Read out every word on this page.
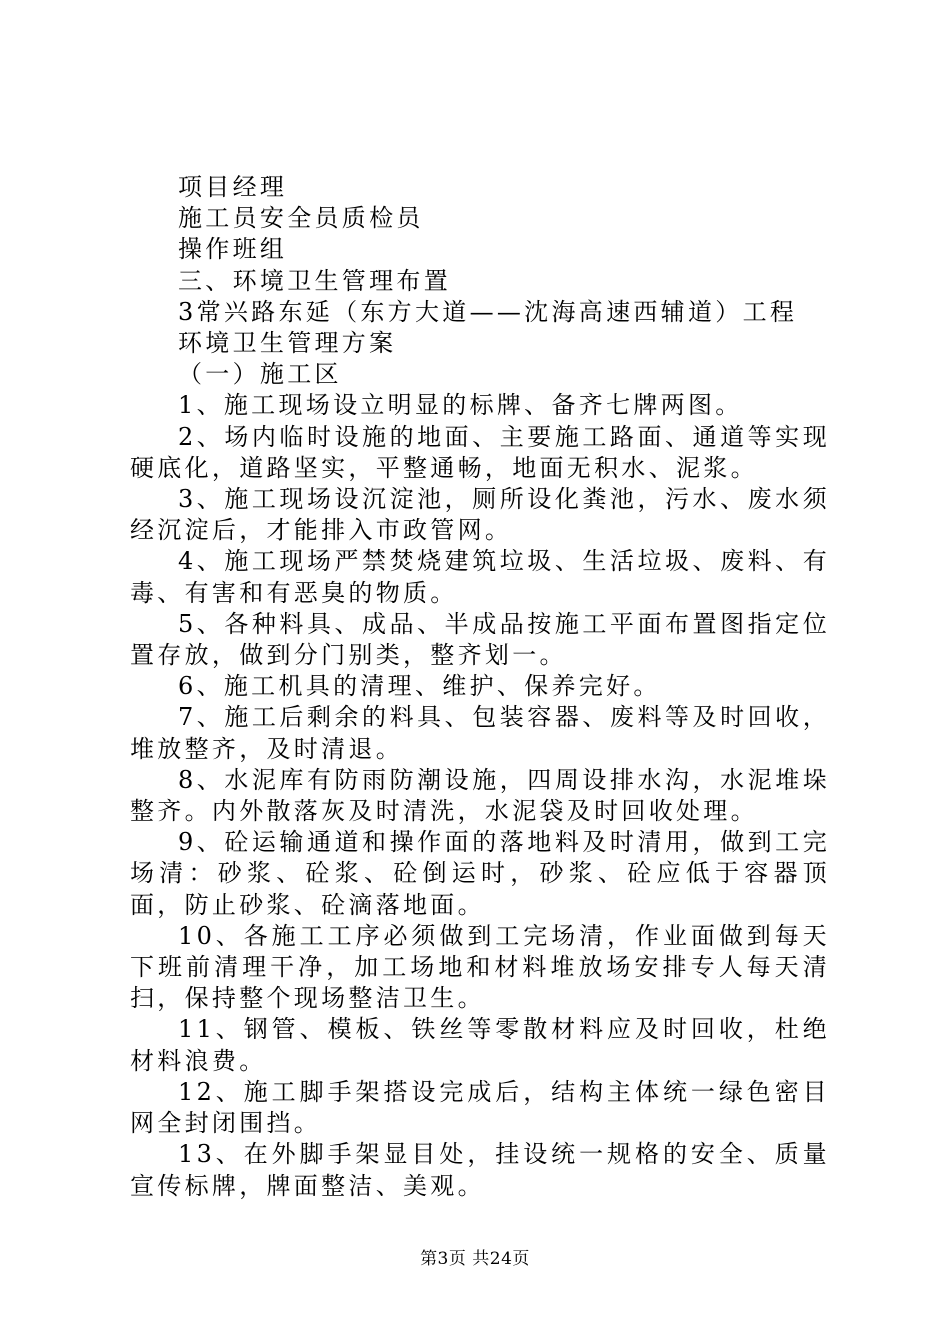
项目经理
施工员安全员质检员
操作班组
三、环境卫生管理布置
3常兴路东延（东方大道——沈海高速西辅道）工程
环境卫生管理方案
（一）施工区
1、施工现场设立明显的标牌、备齐七牌两图。
2、场内临时设施的地面、主要施工路面、通道等实现硬底化，道路坚实，平整通畅，地面无积水、泥浆。
3、施工现场设沉淀池，厕所设化粪池，污水、废水须经沉淀后，才能排入市政管网。
4、施工现场严禁焚烧建筑垃圾、生活垃圾、废料、有毒、有害和有恶臭的物质。
5、各种料具、成品、半成品按施工平面布置图指定位置存放，做到分门别类，整齐划一。
6、施工机具的清理、维护、保养完好。
7、施工后剩余的料具、包装容器、废料等及时回收，堆放整齐，及时清退。
8、水泥库有防雨防潮设施，四周设排水沟，水泥堆垛整齐。内外散落灰及时清洗，水泥袋及时回收处理。
9、砼运输通道和操作面的落地料及时清用，做到工完场清：砂浆、砼浆、砼倒运时，砂浆、砼应低于容器顶面，防止砂浆、砼滴落地面。
10、各施工工序必须做到工完场清，作业面做到每天下班前清理干净，加工场地和材料堆放场安排专人每天清扫，保持整个现场整洁卫生。
11、钢管、模板、铁丝等零散材料应及时回收，杜绝材料浪费。
12、施工脚手架搭设完成后，结构主体统一绿色密目网全封闭围挡。
13、在外脚手架显目处，挂设统一规格的安全、质量宣传标牌，牌面整洁、美观。
第3页 共24页
